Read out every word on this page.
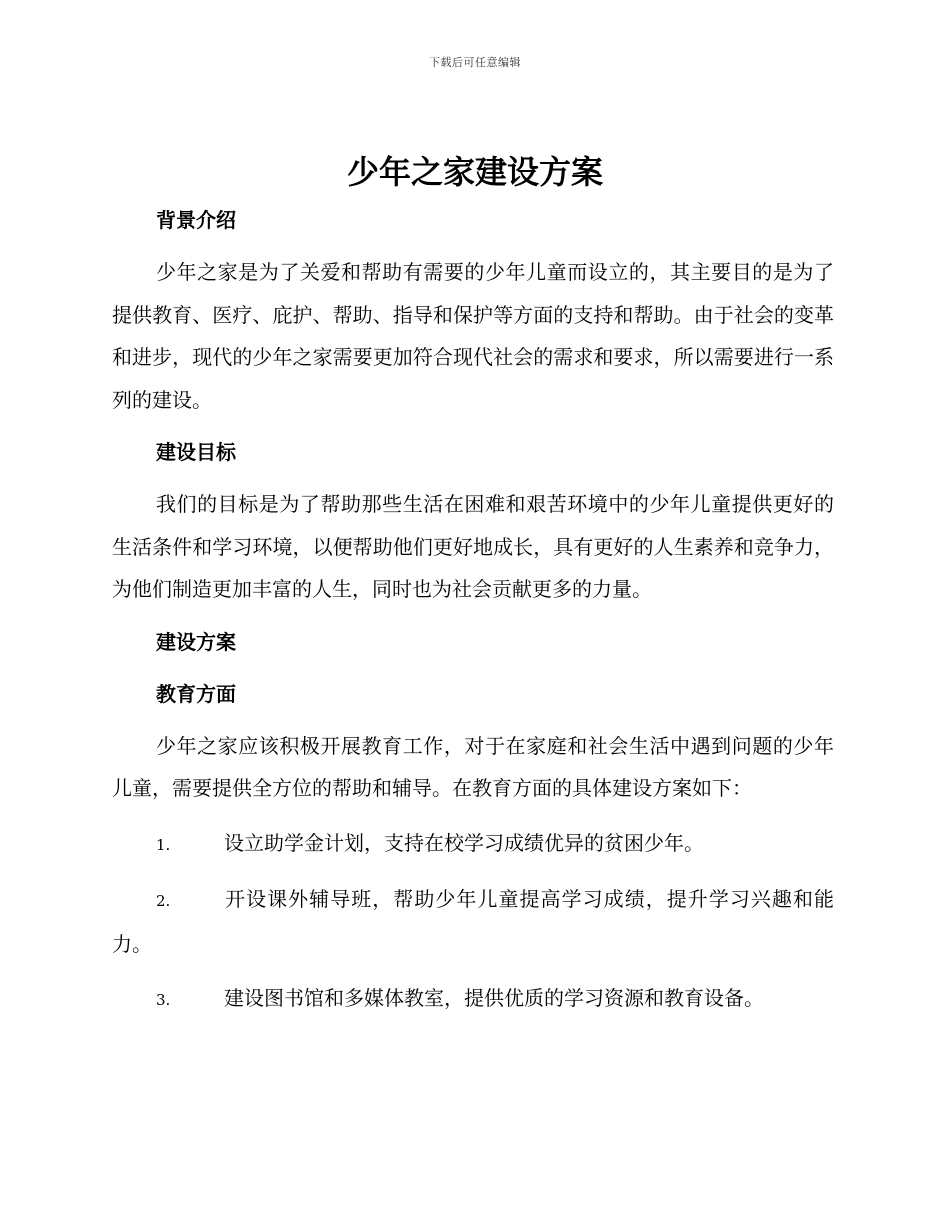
下载后可任意编辑
少年之家建设方案
背景介绍

少年之家是为了关爱和帮助有需要的少年儿童而设立的，其主要目的是为了提供教育、医疗、庇护、帮助、指导和保护等方面的支持和帮助。由于社会的变革和进步，现代的少年之家需要更加符合现代社会的需求和要求，所以需要进行一系列的建设。

建设目标

我们的目标是为了帮助那些生活在困难和艰苦环境中的少年儿童提供更好的生活条件和学习环境，以便帮助他们更好地成长，具有更好的人生素养和竞争力，为他们制造更加丰富的人生，同时也为社会贡献更多的力量。

建设方案
教育方面

少年之家应该积极开展教育工作，对于在家庭和社会生活中遇到问题的少年儿童，需要提供全方位的帮助和辅导。在教育方面的具体建设方案如下：

1.	设立助学金计划，支持在校学习成绩优异的贫困少年。

2.	开设课外辅导班，帮助少年儿童提高学习成绩，提升学习兴趣和能力。

3.	建设图书馆和多媒体教室，提供优质的学习资源和教育设备。
